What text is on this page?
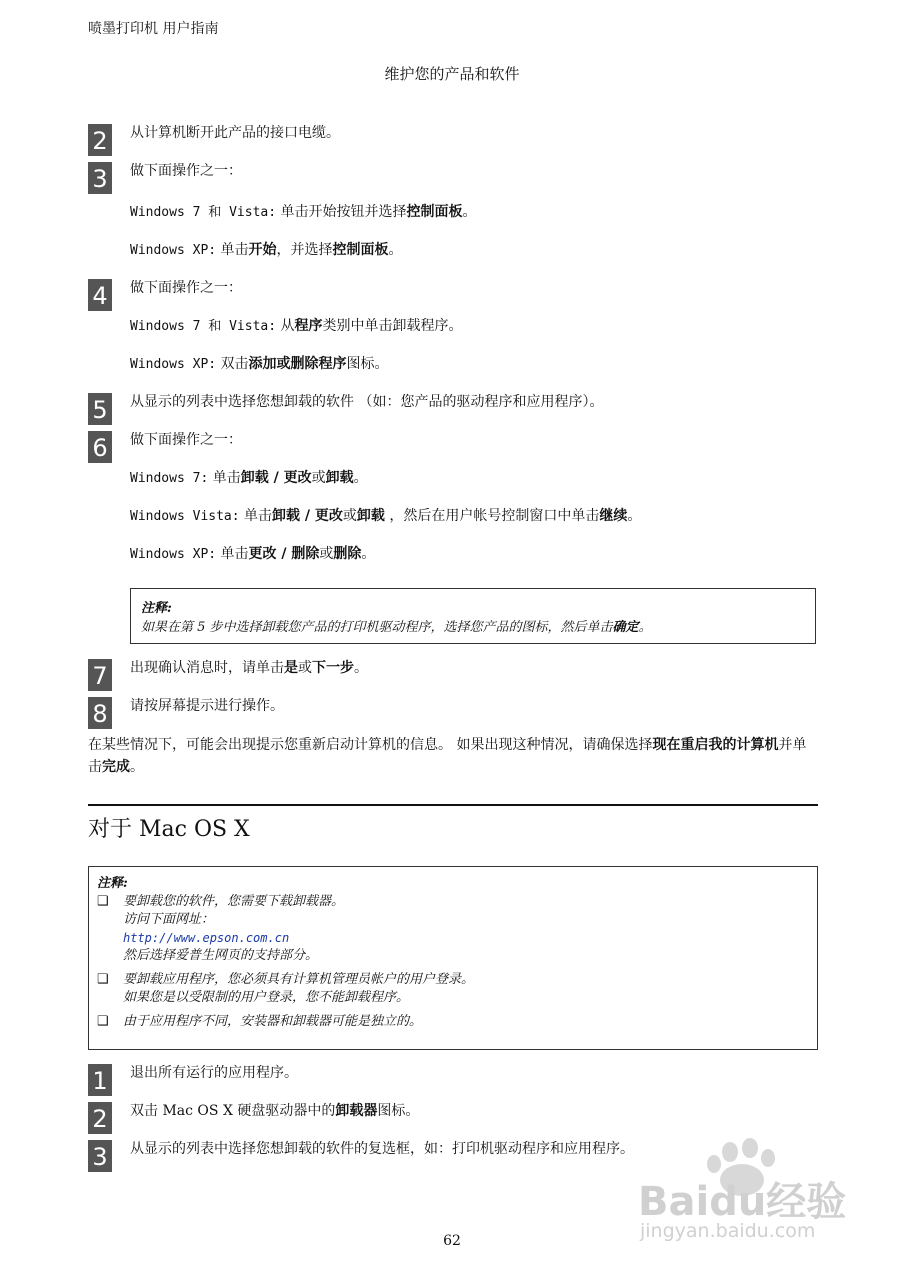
喷墨打印机 用户指南
维护您的产品和软件
2	从计算机断开此产品的接口电缆。
3	做下面操作之一：
Windows 7 和 Vista: 单击开始按钮并选择控制面板。
Windows XP: 单击开始，并选择控制面板。
4	做下面操作之一：
Windows 7 和 Vista: 从程序类别中单击卸载程序。
Windows XP: 双击添加或删除程序图标。
5	从显示的列表中选择您想卸载的软件 （如：您产品的驱动程序和应用程序）。
6	做下面操作之一：
Windows 7: 单击卸载 / 更改或卸载。
Windows Vista: 单击卸载 / 更改或卸载 ，然后在用户帐号控制窗口中单击继续。
Windows XP: 单击更改 / 删除或删除。
注释:
如果在第 5 步中选择卸载您产品的打印机驱动程序，选择您产品的图标，然后单击确定。
7	出现确认消息时，请单击是或下一步。
8	请按屏幕提示进行操作。
在某些情况下，可能会出现提示您重新启动计算机的信息。 如果出现这种情况，请确保选择现在重启我的计算机并单击完成。
对于 Mac OS X
注释:
❑ 要卸载您的软件，您需要下载卸载器。
访问下面网址：
http://www.epson.com.cn
然后选择爱普生网页的支持部分。
❑ 要卸载应用程序，您必须具有计算机管理员帐户的用户登录。
如果您是以受限制的用户登录，您不能卸载程序。
❑ 由于应用程序不同，安装器和卸载器可能是独立的。
1	退出所有运行的应用程序。
2	双击 Mac OS X 硬盘驱动器中的卸载器图标。
3	从显示的列表中选择您想卸载的软件的复选框，如：打印机驱动程序和应用程序。
62
Baidu经验
jingyan.baidu.com
